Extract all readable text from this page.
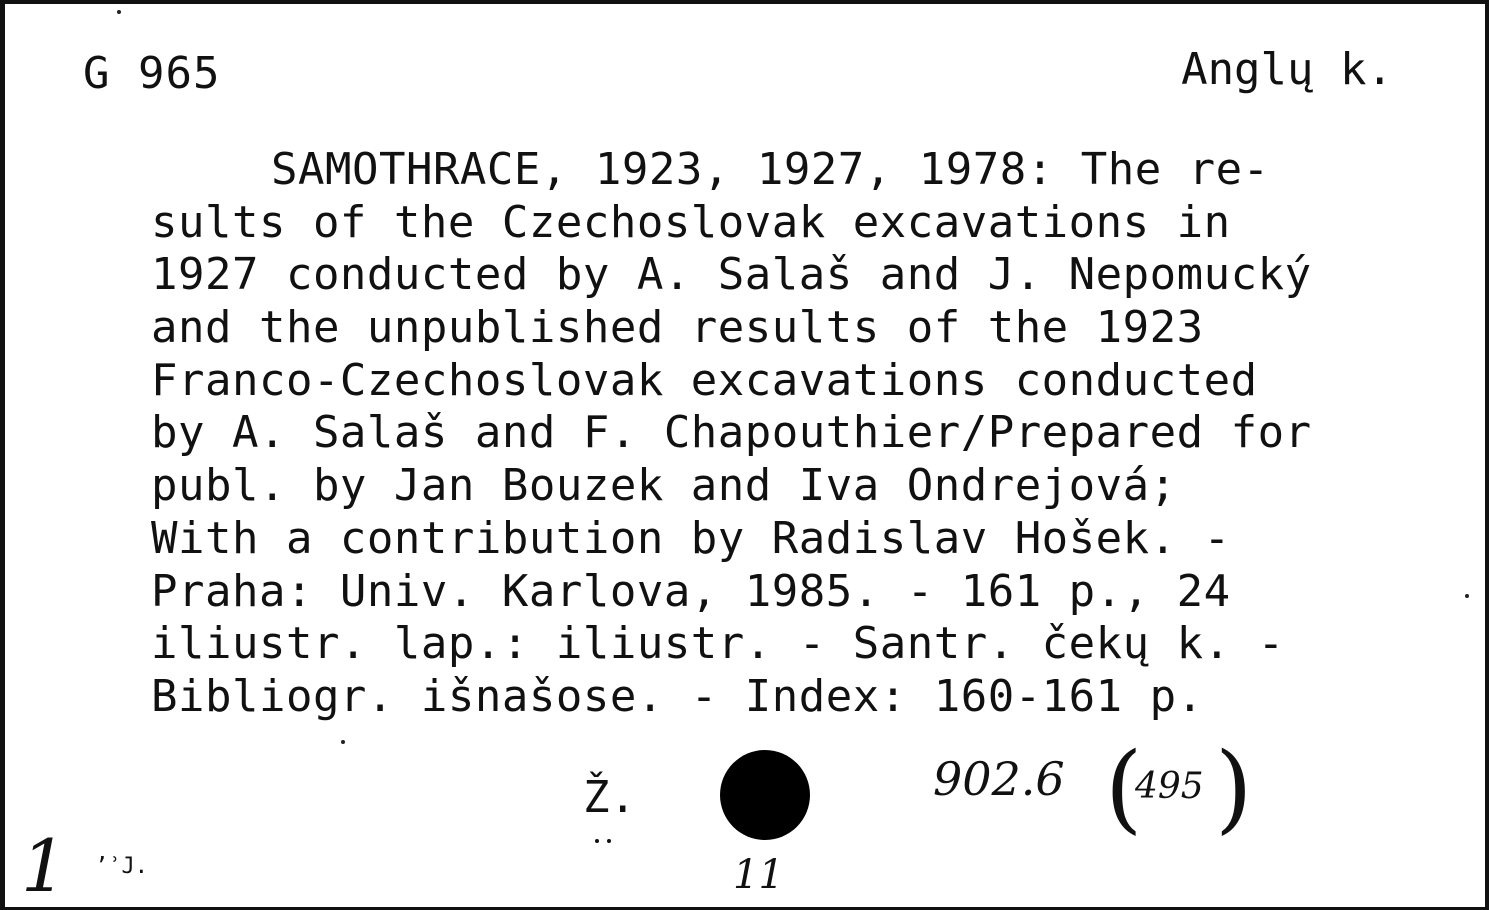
G 965	Anglų k.
SAMOTHRACE, 1923, 1927, 1978: The re-
sults of the Czechoslovak excavations in
1927 conducted by A. Salaš and J. Nepomucký
and the unpublished results of the 1923
Franco-Czechoslovak excavations conducted
by A. Salaš and F. Chapouthier/Prepared for
publ. by Jan Bouzek and Iva Ondrejová;
With a contribution by Radislav Hošek. -
Praha: Univ. Karlova, 1985. - 161 p., 24
iliustr. lap.: iliustr. - Santr. čekų k. -
Bibliogr. išnašose. - Index: 160-161 p.
Ž.	902.6 (
495 )
1 ’ʾJ.	11
